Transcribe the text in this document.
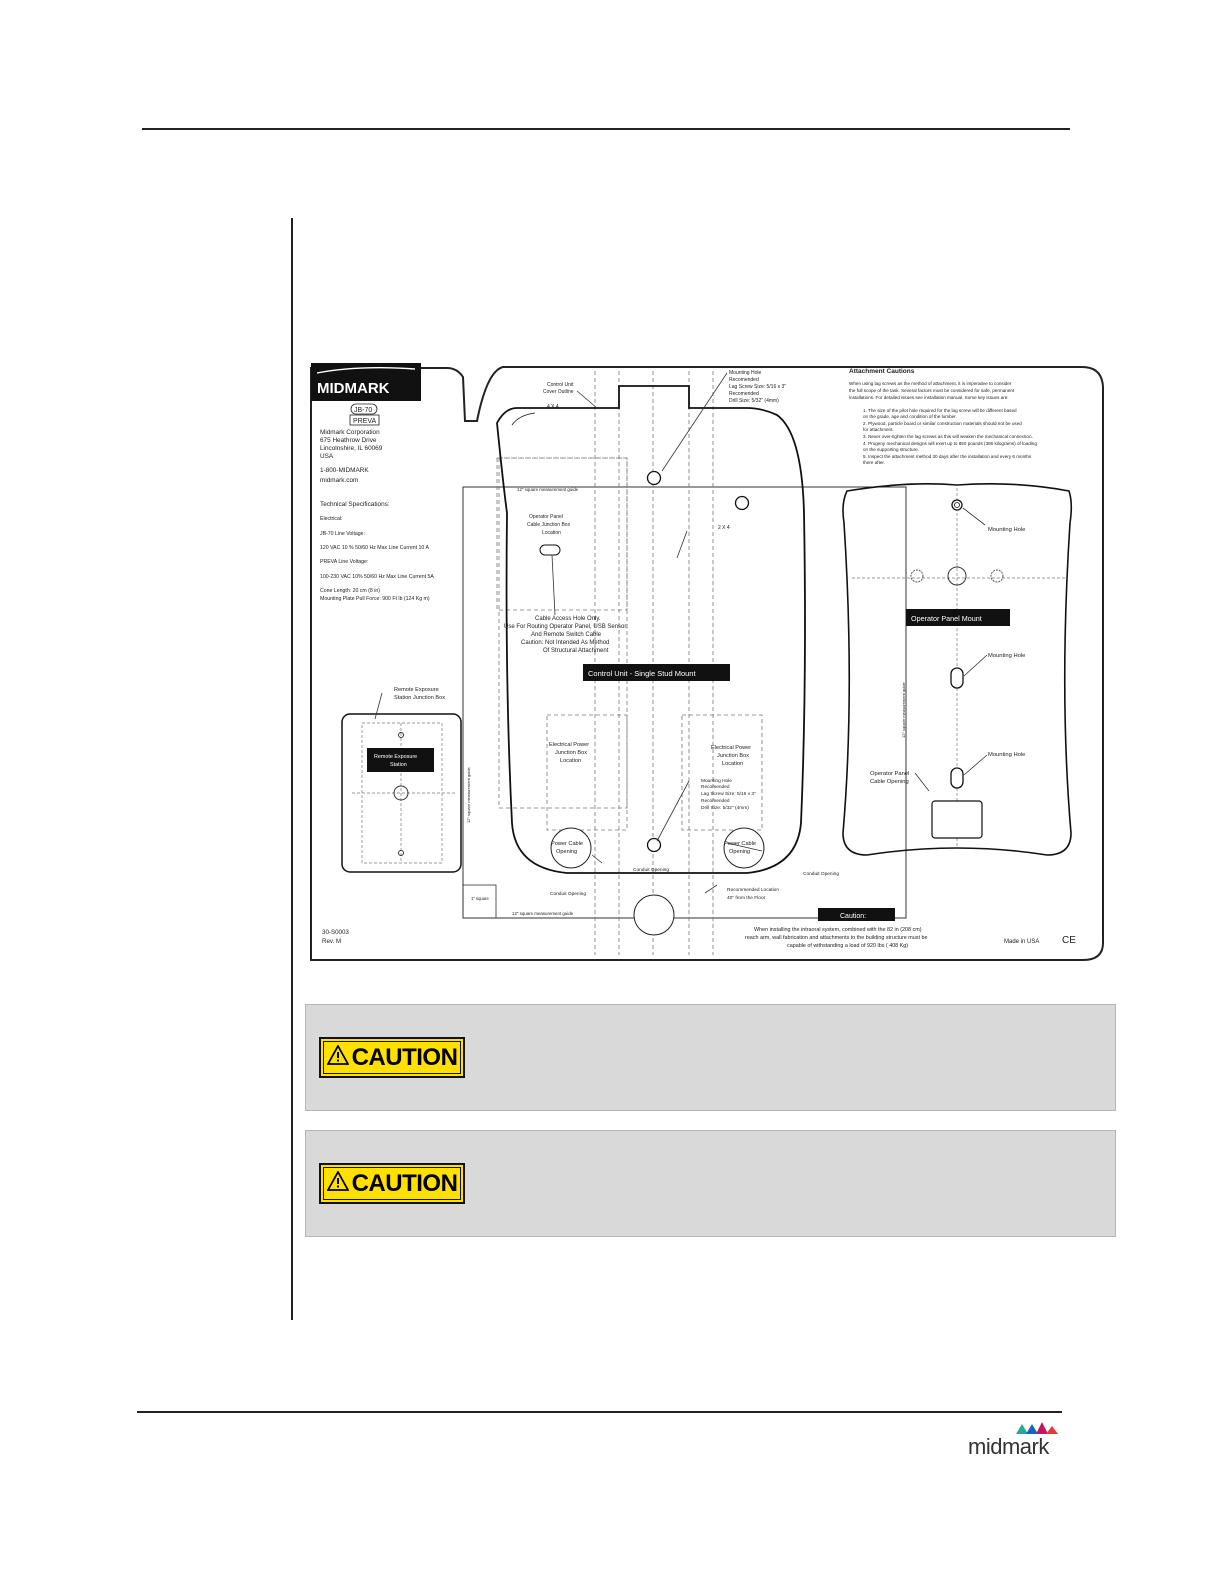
MIDMARK
JB-70
PREVA
Midmark Corporation
675 Heathrow Drive
Lincolnshire, IL 60069
USA
1-800-MIDMARK
midmark.com
Technical Specifications:
Electrical:
JB-70 Line Voltage:
120 VAC 10 % 50/60 Hz Max Line Current 10 A
PREVA Line Voltage:
100-230 VAC 10% 50/60 Hz Max Line Current 5A
Cone Length: 20 cm (8 in)
Mounting Plate Pull Force: 900 Ft lb (124 Kg m)
Attachment Cautions
When using lag screws as the method of attachment, it is imperative to consider
the full scope of the task. Several factors must be considered for safe, permanent
installations. For detailed issues see installation manual. Some key issues are:
1. The size of the pilot hole required for the lag screw will be different based
on the grade, age and condition of the lumber.
2. Plywood, particle board or similar construction materials should not be used
for attachment.
3. Never over-tighten the lag screws as this will weaken the mechanical connection.
4. Progeny mechanical designs will exert up to 850 pounds (386 kilograms) of loading
on the supporting structure.
5. Inspect the attachment method 30 days after the installation and every 6 months
there after.
1" square
12" square measurement guide
12" square measurement guide
12" square measurement guide
Control Unit
Cover Outline
4 X 4
Mounting Hole
Recomended
Lag Screw Size: 5/16 x 3"
Recomended
Drill Size: 5/32" (4mm)
Operator Panel
Cable Junction Box
Location
2 X 4
Cable Access Hole Only.
Use For Routing Operator Panel, USB Sensor,
And Remote Switch Cable
Caution: Not Intended As Method
Of Structural Attachment
Control Unit - Single Stud Mount
Electrical Power
Junction Box
Location
Electrical Power
Junction Box
Location
Power Cable
Opening
Power Cable
Opening
Mounting Hole
Recomended
Lag Screw Size: 5/16 x 3"
Recomended
Drill Size: 5/32" (4mm)
Conduit Opening
Conduit Opening
Conduit Opening
Recommended Location
40" from the Floor
Remote Exposure
Station
Remote Exposure
Station Junction Box
Mounting Hole
Mounting Hole
Mounting Hole
Operator Panel
Cable Opening
12" square measurement guide
Operator Panel Mount
Caution:
When installing the intraoral system, combined with the 82 in (208 cm)
reach arm, wall fabrication and attachments to the building structure must be
capable of withstanding a load of 920 lbs ( 408 Kg)
30-S0003
Rev. M	Made in USA CE
CAUTION
CAUTION
midmark
